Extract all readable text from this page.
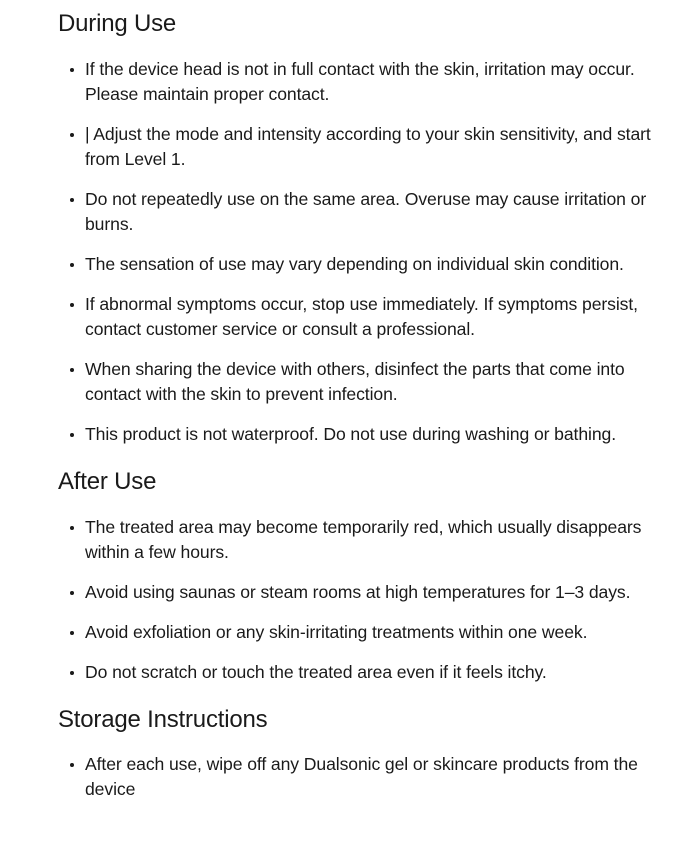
During Use
If the device head is not in full contact with the skin, irritation may occur. Please maintain proper contact.
| Adjust the mode and intensity according to your skin sensitivity, and start from Level 1.
Do not repeatedly use on the same area. Overuse may cause irritation or burns.
The sensation of use may vary depending on individual skin condition.
If abnormal symptoms occur, stop use immediately. If symptoms persist, contact customer service or consult a professional.
When sharing the device with others, disinfect the parts that come into contact with the skin to prevent infection.
This product is not waterproof. Do not use during washing or bathing.
After Use
The treated area may become temporarily red, which usually disappears within a few hours.
Avoid using saunas or steam rooms at high temperatures for 1–3 days.
Avoid exfoliation or any skin-irritating treatments within one week.
Do not scratch or touch the treated area even if it feels itchy.
Storage Instructions
After each use, wipe off any Dualsonic gel or skincare products from the device
